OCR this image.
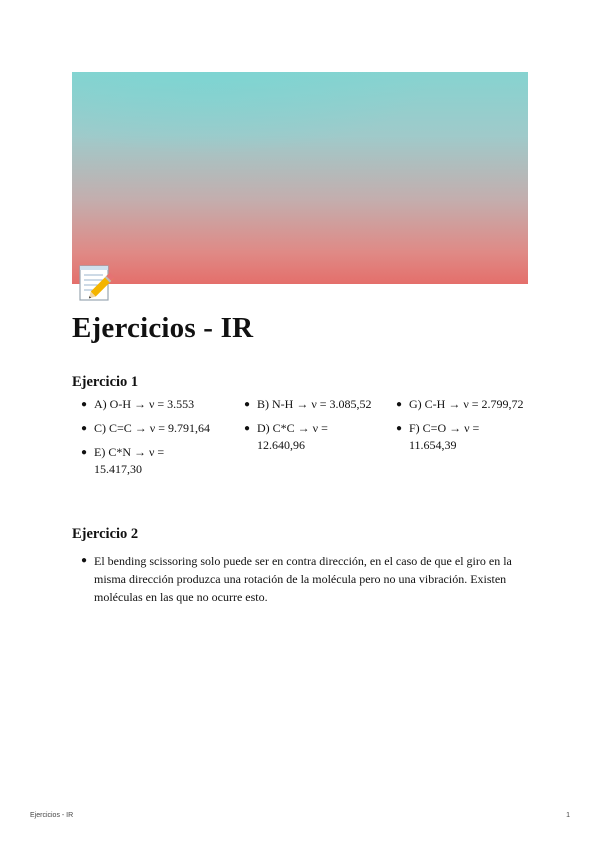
Ejercicios - IR
Ejercicio 1
● A) O-H → ν = 3.553
● C) C=C → ν = 9.791,64
● E) C*N → ν = 15.417,30
● B) N-H → ν = 3.085,52
● D) C*C → ν = 12.640,96
● G) C-H → ν = 2.799,72
● F) C=O → ν = 11.654,39
Ejercicio 2
● El bending scissoring solo puede ser en contra dirección, en el caso de que el giro en la misma dirección produzca una rotación de la molécula pero no una vibración. Existen moléculas en las que no ocurre esto.
Ejercicios - IR	1
